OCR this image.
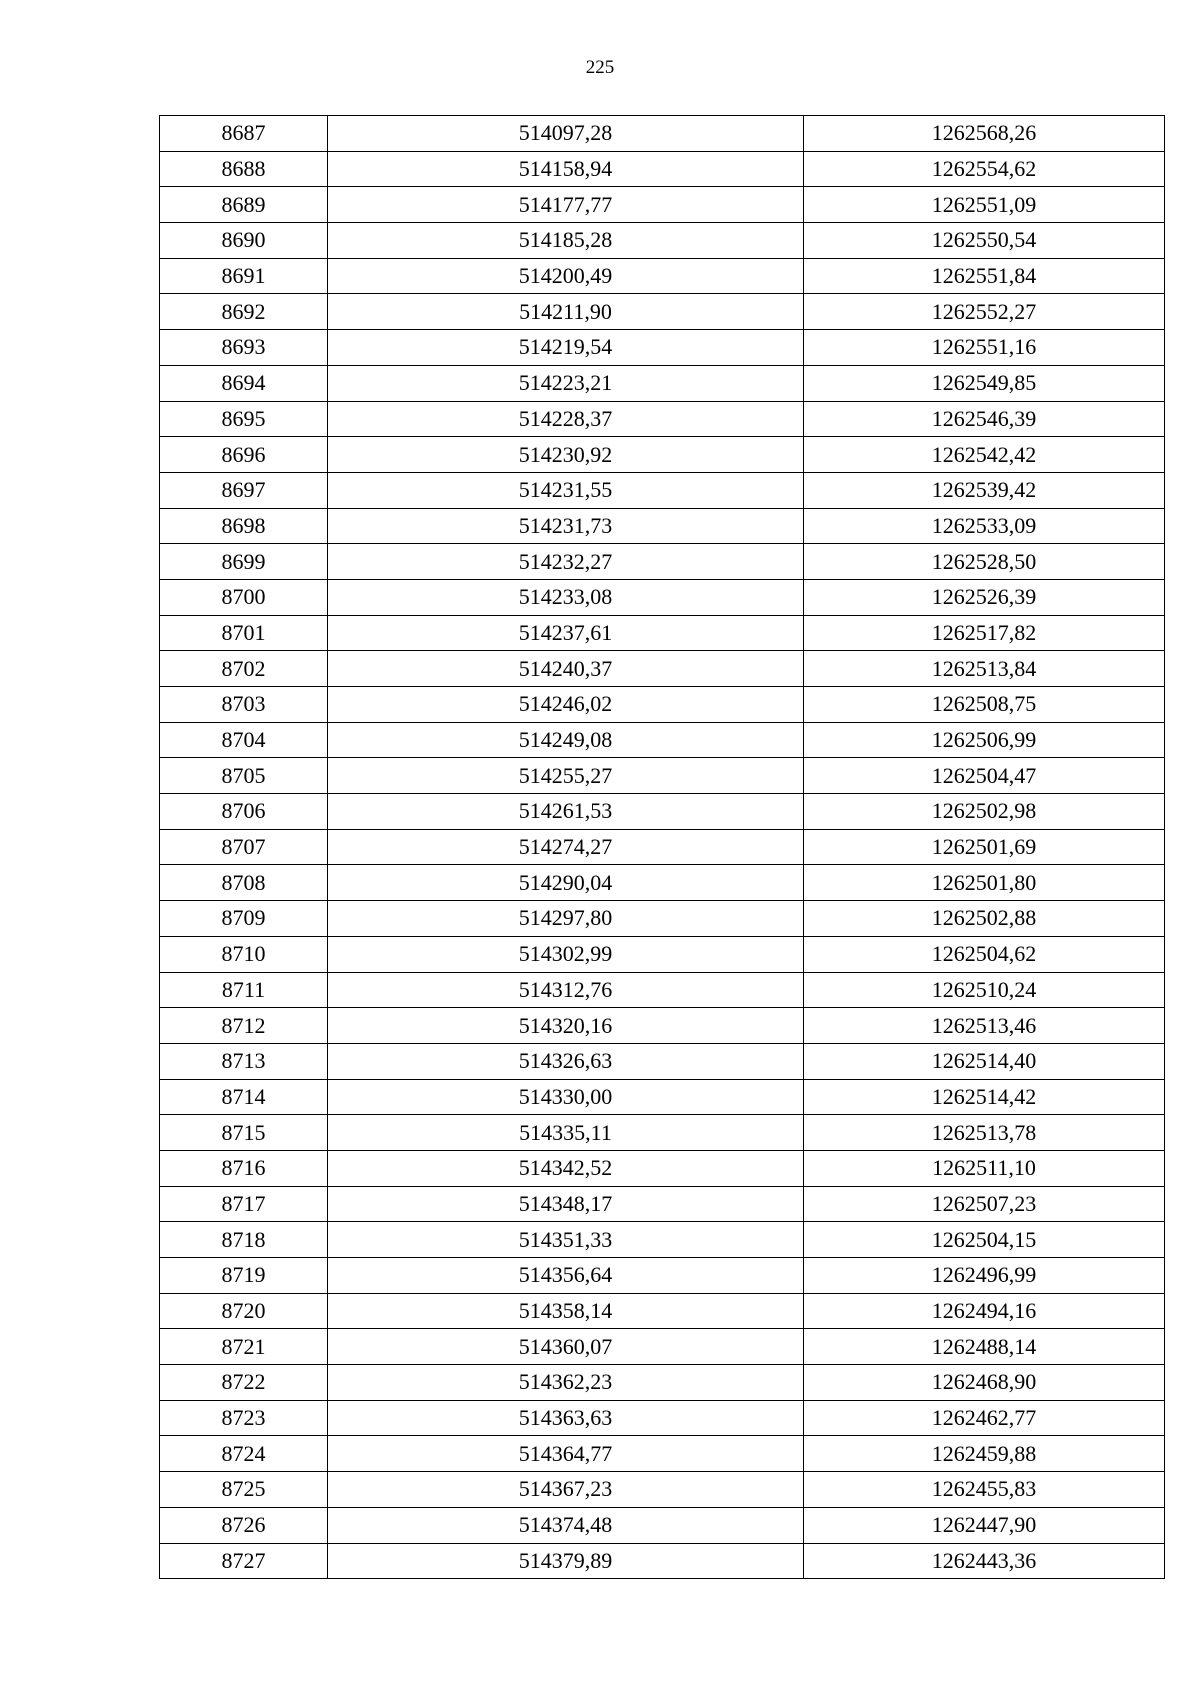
225
8687	514097,28	1262568,26
8688	514158,94	1262554,62
8689	514177,77	1262551,09
8690	514185,28	1262550,54
8691	514200,49	1262551,84
8692	514211,90	1262552,27
8693	514219,54	1262551,16
8694	514223,21	1262549,85
8695	514228,37	1262546,39
8696	514230,92	1262542,42
8697	514231,55	1262539,42
8698	514231,73	1262533,09
8699	514232,27	1262528,50
8700	514233,08	1262526,39
8701	514237,61	1262517,82
8702	514240,37	1262513,84
8703	514246,02	1262508,75
8704	514249,08	1262506,99
8705	514255,27	1262504,47
8706	514261,53	1262502,98
8707	514274,27	1262501,69
8708	514290,04	1262501,80
8709	514297,80	1262502,88
8710	514302,99	1262504,62
8711	514312,76	1262510,24
8712	514320,16	1262513,46
8713	514326,63	1262514,40
8714	514330,00	1262514,42
8715	514335,11	1262513,78
8716	514342,52	1262511,10
8717	514348,17	1262507,23
8718	514351,33	1262504,15
8719	514356,64	1262496,99
8720	514358,14	1262494,16
8721	514360,07	1262488,14
8722	514362,23	1262468,90
8723	514363,63	1262462,77
8724	514364,77	1262459,88
8725	514367,23	1262455,83
8726	514374,48	1262447,90
8727	514379,89	1262443,36
